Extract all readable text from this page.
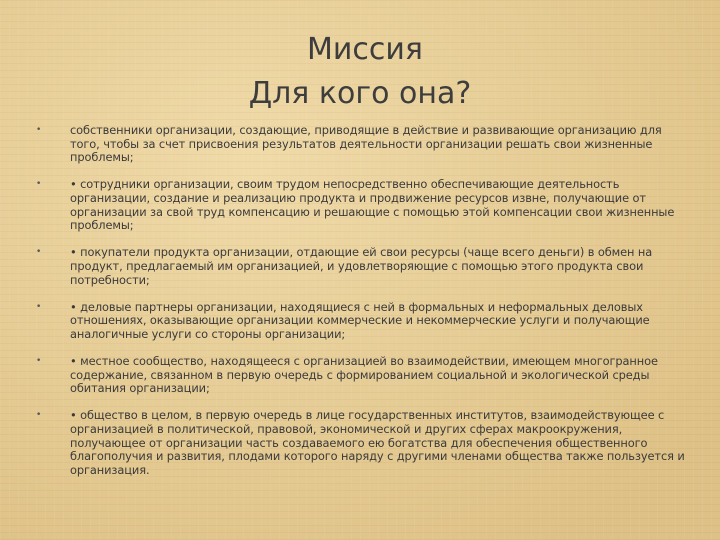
Миссия
Для кого она?
•	собственники организации, создающие, приводящие в действие и развивающие организацию для того, чтобы за счет присвоения результатов деятельности организации решать свои жизненные проблемы;
•	• сотрудники организации, своим трудом непосредственно обеспечивающие деятельность организации, создание и реализацию продукта и продвижение ресурсов извне, получающие от организации за свой труд компенсацию и решающие с помощью этой компенсации свои жизненные проблемы;
•	• покупатели продукта организации, отдающие ей свои ресурсы (чаще всего деньги) в обмен на продукт, предлагаемый им организацией, и удовлетворяющие с помощью этого продукта свои потребности;
•	• деловые партнеры организации, находящиеся с ней в формальных и неформальных деловых отношениях, оказывающие организации коммерческие и некоммерческие услуги и получающие аналогичные услуги со стороны организации;
•	• местное сообщество, находящееся с организацией во взаимодействии, имеющем многогранное содержание, связанном в первую очередь с формированием социальной и экологической среды обитания организации;
•	• общество в целом, в первую очередь в лице государственных институтов, взаимодействующее с организацией в политической, правовой, экономической и других сферах макроокружения, получающее от организации часть создаваемого ею богатства для обеспечения общественного благополучия и развития, плодами которого наряду с другими членами общества также пользуется и организация.
